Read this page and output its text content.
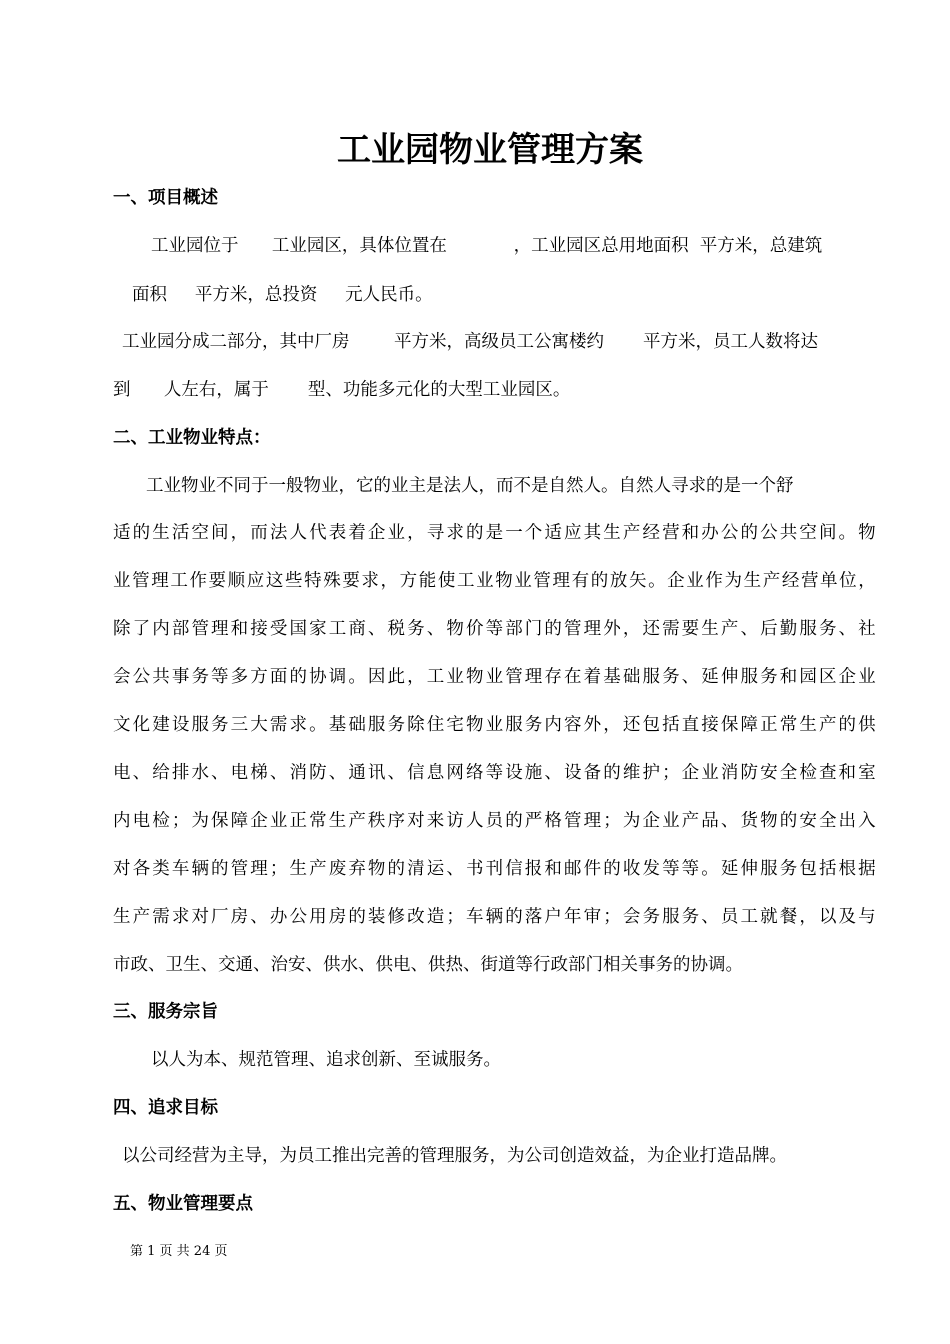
工业园物业管理方案
一、项目概述
工业园位于      工业园区，具体位置在            ，工业园区总用地面积  平方米，总建筑
面积     平方米，总投资     元人民币。
工业园分成二部分，其中厂房        平方米，高级员工公寓楼约       平方米，员工人数将达
到      人左右，属于       型、功能多元化的大型工业园区。
二、工业物业特点：
工业物业不同于一般物业，它的业主是法人，而不是自然人。自然人寻求的是一个舒
适 的 生 活 空 间 ， 而 法 人 代 表 着 企 业 ， 寻 求 的 是 一 个 适 应 其 生 产 经 营 和 办 公 的 公 共 空 间 。 物
业 管 理 工 作 要 顺 应 这 些 特 殊 要 求 ， 方 能 使 工 业 物 业 管 理 有 的 放 矢 。 企 业 作 为 生 产 经 营 单 位 ，
除 了 内 部 管 理 和 接 受 国 家 工 商 、 税 务 、 物 价 等 部 门 的 管 理 外 ， 还 需 要 生 产 、 后 勤 服 务 、 社
会 公 共 事 务 等 多 方 面 的 协 调 。 因 此 ， 工 业 物 业 管 理 存 在 着 基 础 服 务 、 延 伸 服 务 和 园 区 企 业
文 化 建 设 服 务 三 大 需 求 。 基 础 服 务 除 住 宅 物 业 服 务 内 容 外 ， 还 包 括 直 接 保 障 正 常 生 产 的 供
电 、 给 排 水 、 电 梯 、 消 防 、 通 讯 、 信 息 网 络 等 设 施 、 设 备 的 维 护 ； 企 业 消 防 安 全 检 查 和 室
内 电 检 ； 为 保 障 企 业 正 常 生 产 秩 序 对 来 访 人 员 的 严 格 管 理 ； 为 企 业 产 品 、 货 物 的 安 全 出 入
对 各 类 车 辆 的 管 理 ； 生 产 废 弃 物 的 清 运 、 书 刊 信 报 和 邮 件 的 收 发 等 等 。 延 伸 服 务 包 括 根 据
生 产 需 求 对 厂 房 、 办 公 用 房 的 装 修 改 造 ； 车 辆 的 落 户 年 审 ； 会 务 服 务 、 员 工 就 餐 ， 以 及 与
市政、卫生、交通、治安、供水、供电、供热、街道等行政部门相关事务的协调。
三、服务宗旨
以人为本、规范管理、追求创新、至诚服务。
四、追求目标
以公司经营为主导，为员工推出完善的管理服务，为公司创造效益，为企业打造品牌。
五、物业管理要点
第 1 页 共 24 页
